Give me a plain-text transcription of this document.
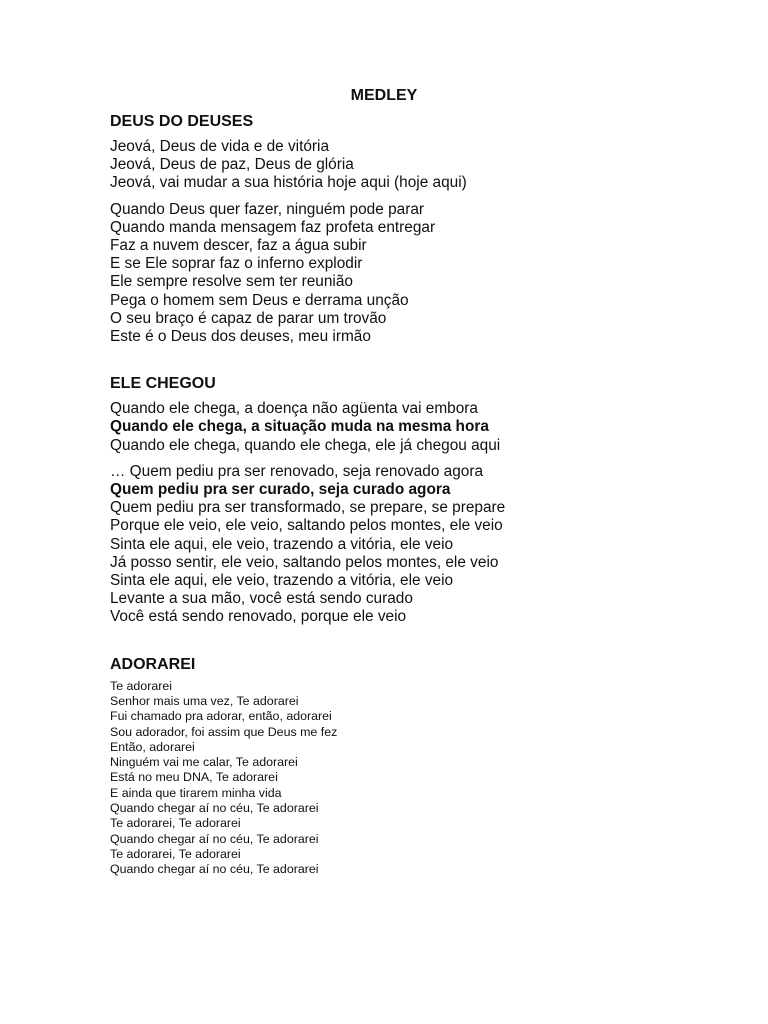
MEDLEY
DEUS DO DEUSES
Jeová, Deus de vida e de vitória
Jeová, Deus de paz, Deus de glória
Jeová, vai mudar a sua história hoje aqui (hoje aqui)
Quando Deus quer fazer, ninguém pode parar
Quando manda mensagem faz profeta entregar
Faz a nuvem descer, faz a água subir
E se Ele soprar faz o inferno explodir
Ele sempre resolve sem ter reunião
Pega o homem sem Deus e derrama unção
O seu braço é capaz de parar um trovão
Este é o Deus dos deuses, meu irmão
ELE CHEGOU
Quando ele chega, a doença não agüenta vai embora
Quando ele chega, a situação muda na mesma hora
Quando ele chega, quando ele chega, ele já chegou aqui
… Quem pediu pra ser renovado, seja renovado agora
Quem pediu pra ser curado, seja curado agora
Quem pediu pra ser transformado, se prepare, se prepare
Porque ele veio, ele veio, saltando pelos montes, ele veio
Sinta ele aqui, ele veio, trazendo a vitória, ele veio
Já posso sentir, ele veio, saltando pelos montes, ele veio
Sinta ele aqui, ele veio, trazendo a vitória, ele veio
Levante a sua mão, você está sendo curado
Você está sendo renovado, porque ele veio
ADORAREI
Te adorarei
Senhor mais uma vez, Te adorarei
Fui chamado pra adorar, então, adorarei
Sou adorador, foi assim que Deus me fez
Então, adorarei
Ninguém vai me calar, Te adorarei
Está no meu DNA, Te adorarei
E ainda que tirarem minha vida
Quando chegar aí no céu, Te adorarei
Te adorarei, Te adorarei
Quando chegar aí no céu, Te adorarei
Te adorarei, Te adorarei
Quando chegar aí no céu, Te adorarei
